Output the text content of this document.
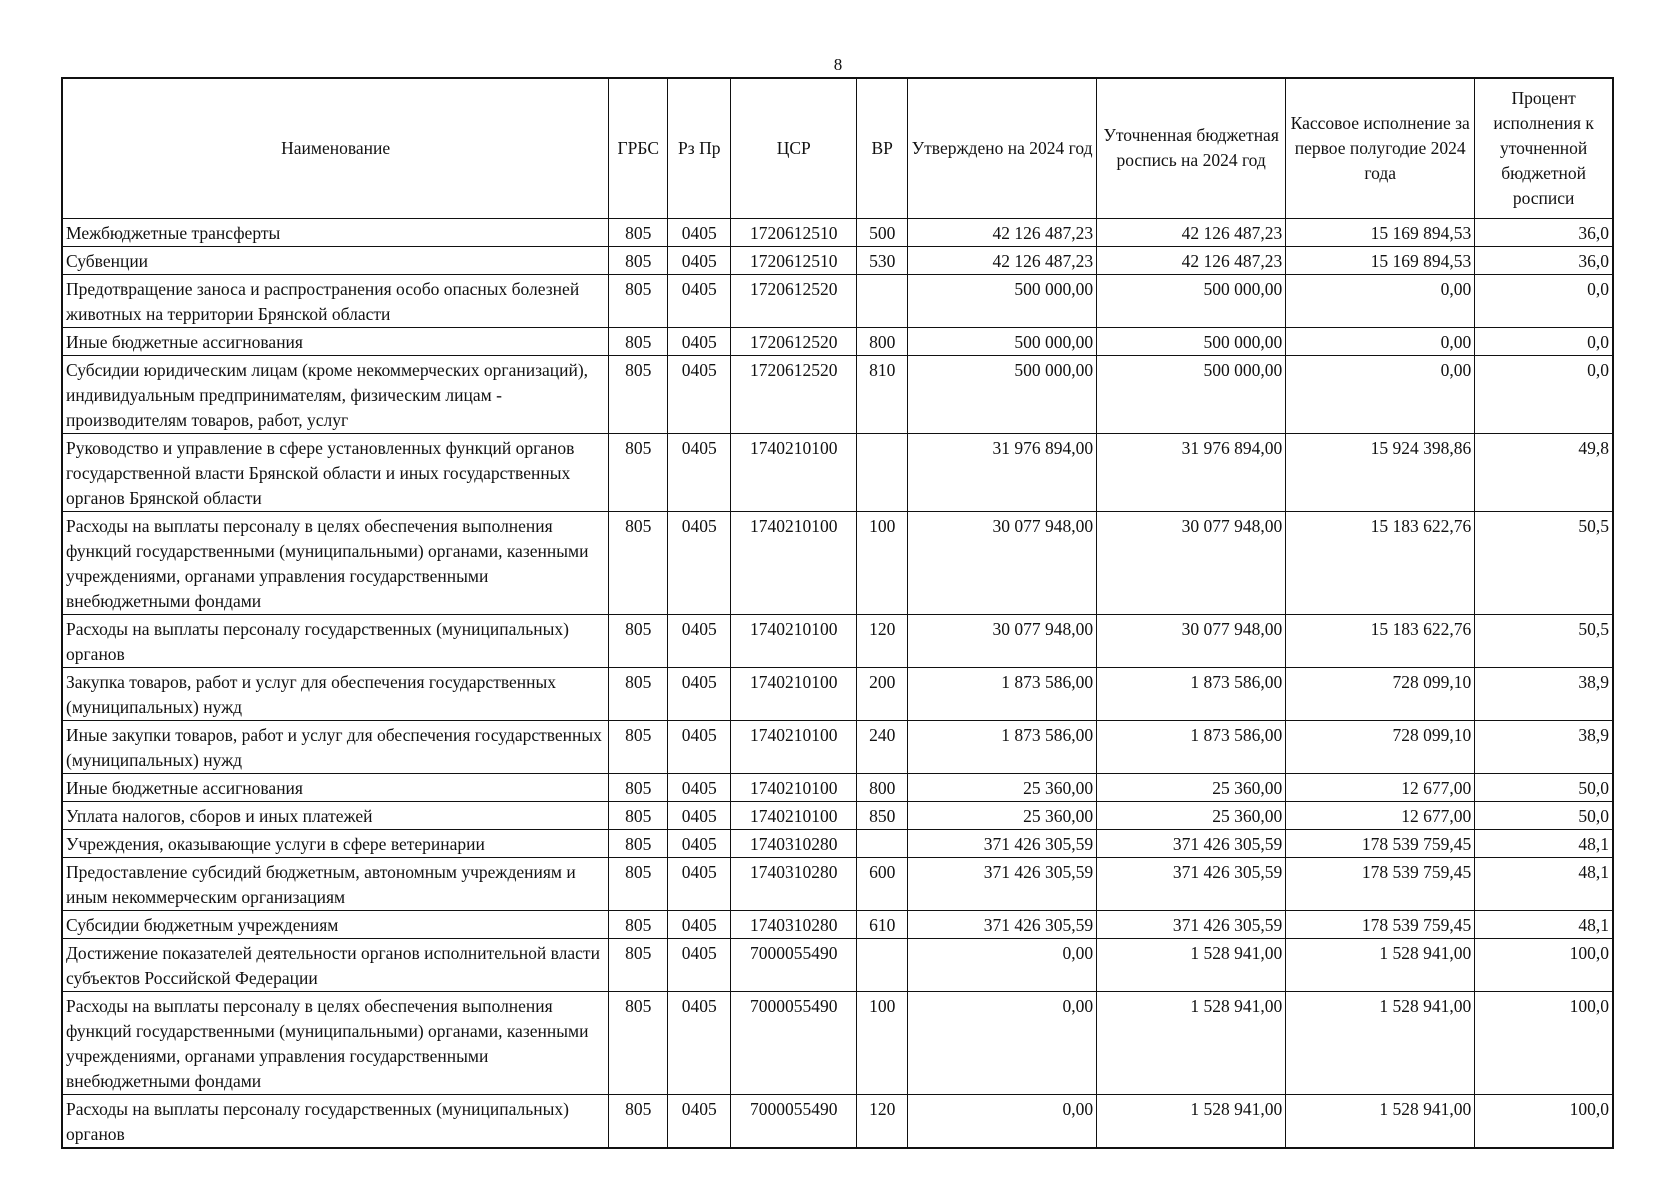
8
Наименование	ГРБС	Рз Пр	ЦСР	ВР	Утверждено на 2024 год	Уточненная бюджетная роспись на 2024 год	Кассовое исполнение за первое полугодие 2024 года	Процент исполнения к уточненной бюджетной росписи
Межбюджетные трансферты	805	0405	1720612510	500	42 126 487,23	42 126 487,23	15 169 894,53	36,0
Субвенции	805	0405	1720612510	530	42 126 487,23	42 126 487,23	15 169 894,53	36,0
Предотвращение заноса и распространения особо опасных болезней животных на территории Брянской области	805	0405	1720612520		500 000,00	500 000,00	0,00	0,0
Иные бюджетные ассигнования	805	0405	1720612520	800	500 000,00	500 000,00	0,00	0,0
Субсидии юридическим лицам (кроме некоммерческих организаций), индивидуальным предпринимателям, физическим лицам - производителям товаров, работ, услуг	805	0405	1720612520	810	500 000,00	500 000,00	0,00	0,0
Руководство и управление в сфере установленных функций органов государственной власти Брянской области и иных государственных органов Брянской области	805	0405	1740210100		31 976 894,00	31 976 894,00	15 924 398,86	49,8
Расходы на выплаты персоналу в целях обеспечения выполнения функций государственными (муниципальными) органами, казенными учреждениями, органами управления государственными внебюджетными фондами	805	0405	1740210100	100	30 077 948,00	30 077 948,00	15 183 622,76	50,5
Расходы на выплаты персоналу государственных (муниципальных) органов	805	0405	1740210100	120	30 077 948,00	30 077 948,00	15 183 622,76	50,5
Закупка товаров, работ и услуг для обеспечения государственных (муниципальных) нужд	805	0405	1740210100	200	1 873 586,00	1 873 586,00	728 099,10	38,9
Иные закупки товаров, работ и услуг для обеспечения государственных (муниципальных) нужд	805	0405	1740210100	240	1 873 586,00	1 873 586,00	728 099,10	38,9
Иные бюджетные ассигнования	805	0405	1740210100	800	25 360,00	25 360,00	12 677,00	50,0
Уплата налогов, сборов и иных платежей	805	0405	1740210100	850	25 360,00	25 360,00	12 677,00	50,0
Учреждения, оказывающие услуги в сфере ветеринарии	805	0405	1740310280		371 426 305,59	371 426 305,59	178 539 759,45	48,1
Предоставление субсидий бюджетным, автономным учреждениям и иным некоммерческим организациям	805	0405	1740310280	600	371 426 305,59	371 426 305,59	178 539 759,45	48,1
Субсидии бюджетным учреждениям	805	0405	1740310280	610	371 426 305,59	371 426 305,59	178 539 759,45	48,1
Достижение показателей деятельности органов исполнительной власти субъектов Российской Федерации	805	0405	7000055490		0,00	1 528 941,00	1 528 941,00	100,0
Расходы на выплаты персоналу в целях обеспечения выполнения функций государственными (муниципальными) органами, казенными учреждениями, органами управления государственными внебюджетными фондами	805	0405	7000055490	100	0,00	1 528 941,00	1 528 941,00	100,0
Расходы на выплаты персоналу государственных (муниципальных) органов	805	0405	7000055490	120	0,00	1 528 941,00	1 528 941,00	100,0
